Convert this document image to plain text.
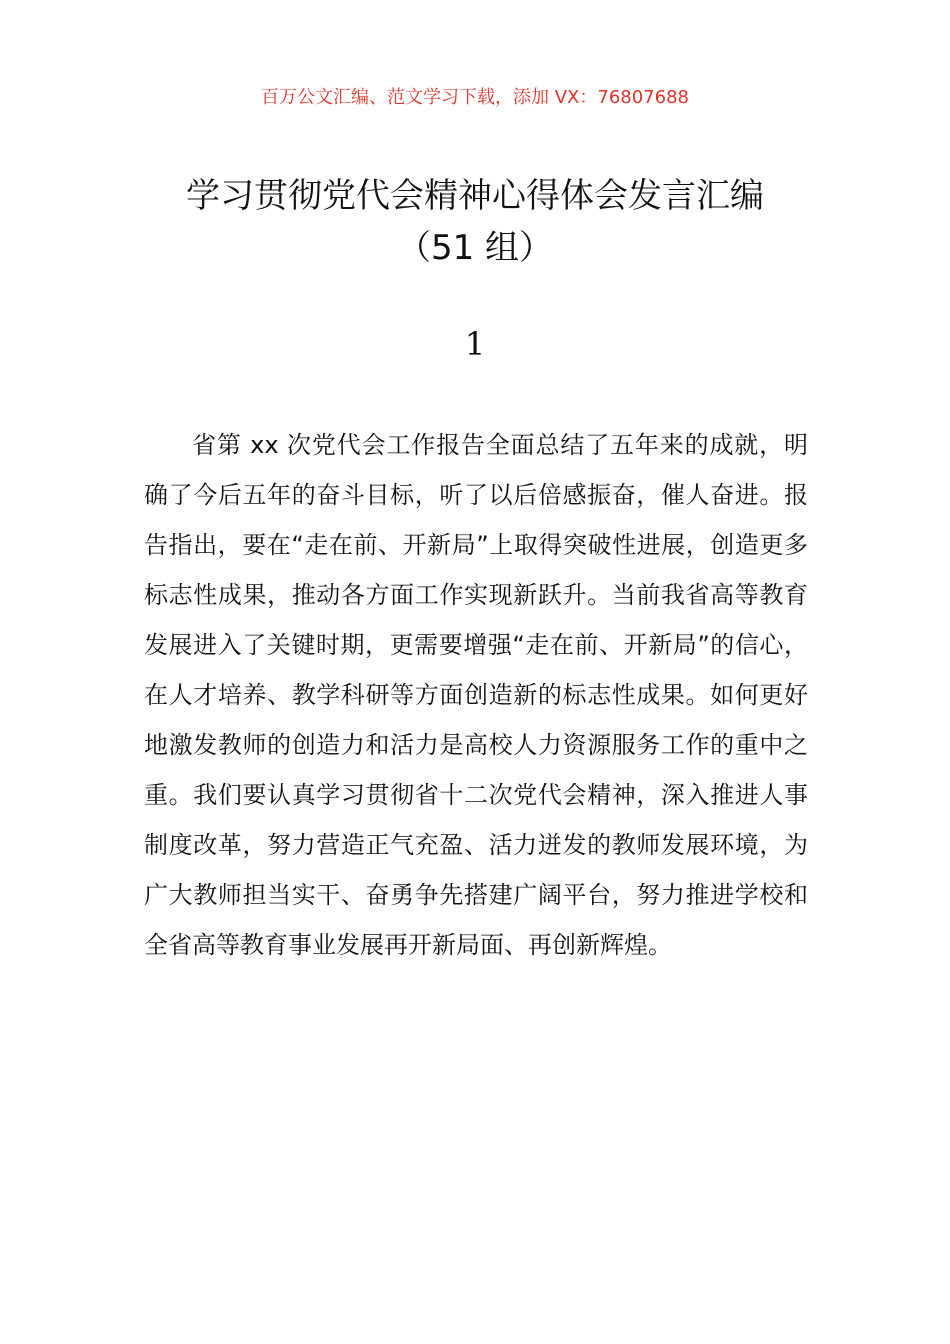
百万公文汇编、范文学习下载，添加 VX：76807688
学习贯彻党代会精神心得体会发言汇编
（51 组）
1

省第 xx 次党代会工作报告全面总结了五年来的成就，明确了今后五年的奋斗目标，听了以后倍感振奋，催人奋进。报告指出，要在“走在前、开新局”上取得突破性进展，创造更多标志性成果，推动各方面工作实现新跃升。当前我省高等教育发展进入了关键时期，更需要增强“走在前、开新局”的信心，在人才培养、教学科研等方面创造新的标志性成果。如何更好地激发教师的创造力和活力是高校人力资源服务工作的重中之重。我们要认真学习贯彻省十二次党代会精神，深入推进人事制度改革，努力营造正气充盈、活力迸发的教师发展环境，为广大教师担当实干、奋勇争先搭建广阔平台，努力推进学校和全省高等教育事业发展再开新局面、再创新辉煌。
